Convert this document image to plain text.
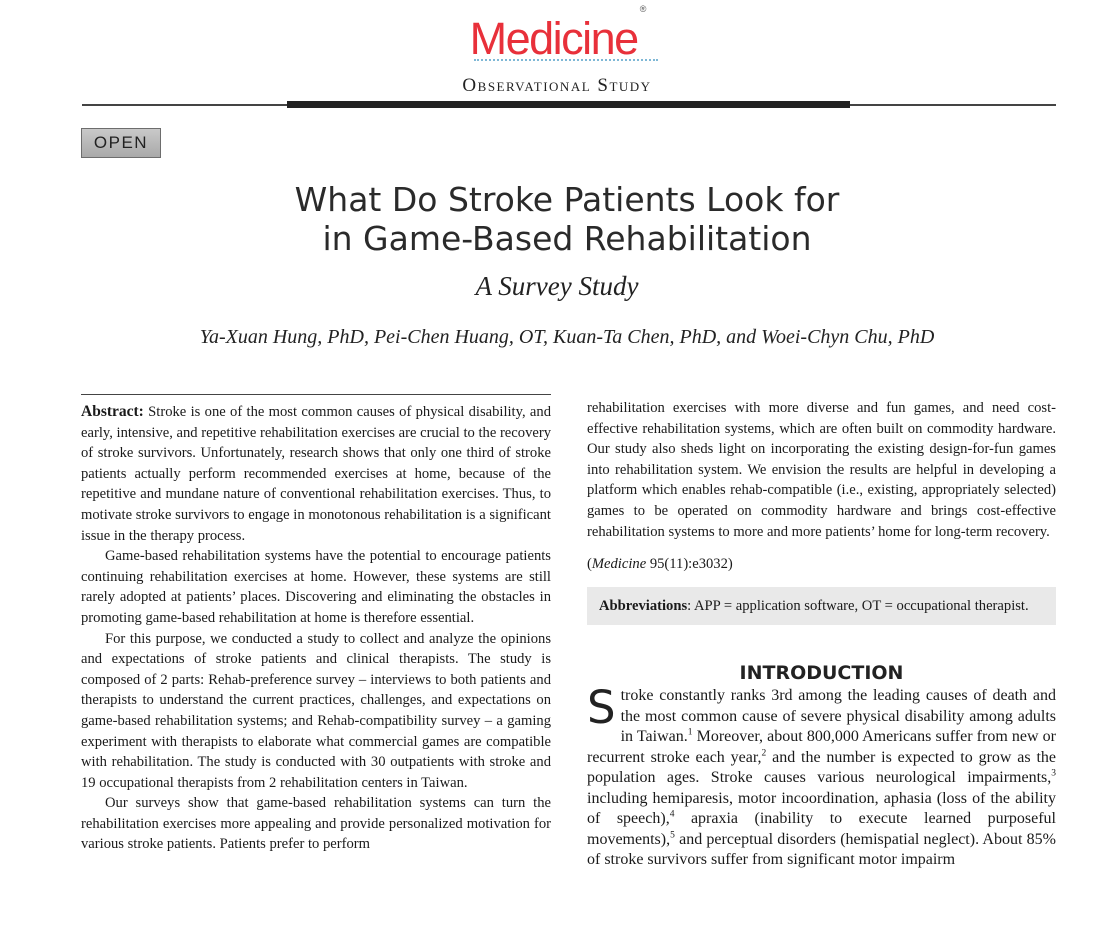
Medicine®
Observational Study
OPEN
What Do Stroke Patients Look for
in Game-Based Rehabilitation
A Survey Study
Ya-Xuan Hung, PhD, Pei-Chen Huang, OT, Kuan-Ta Chen, PhD, and Woei-Chyn Chu, PhD

Abstract: Stroke is one of the most common causes of physical disability, and early, intensive, and repetitive rehabilitation exercises are crucial to the recovery of stroke survivors. Unfortunately, research shows that only one third of stroke patients actually perform recommended exercises at home, because of the repetitive and mundane nature of conventional rehabilitation exercises. Thus, to motivate stroke survivors to engage in monotonous rehabilitation is a significant issue in the therapy process.

Game-based rehabilitation systems have the potential to encourage patients continuing rehabilitation exercises at home. However, these systems are still rarely adopted at patients’ places. Discovering and eliminating the obstacles in promoting game-based rehabilitation at home is therefore essential.

For this purpose, we conducted a study to collect and analyze the opinions and expectations of stroke patients and clinical therapists. The study is composed of 2 parts: Rehab-preference survey – interviews to both patients and therapists to understand the current practices, challenges, and expectations on game-based rehabilitation systems; and Rehab-compatibility survey – a gaming experiment with therapists to elaborate what commercial games are compatible with rehabilitation. The study is conducted with 30 outpatients with stroke and 19 occupational therapists from 2 rehabilitation centers in Taiwan.

Our surveys show that game-based rehabilitation systems can turn the rehabilitation exercises more appealing and provide personalized motivation for various stroke patients. Patients prefer to perform

rehabilitation exercises with more diverse and fun games, and need cost-effective rehabilitation systems, which are often built on commodity hardware. Our study also sheds light on incorporating the existing design-for-fun games into rehabilitation system. We envision the results are helpful in developing a platform which enables rehab-compatible (i.e., existing, appropriately selected) games to be operated on commodity hardware and brings cost-effective rehabilitation systems to more and more patients’ home for long-term recovery.

(Medicine 95(11):e3032)

Abbreviations: APP = application software, OT = occupational therapist.
INTRODUCTION

Stroke constantly ranks 3rd among the leading causes of death and the most common cause of severe physical disability among adults in Taiwan.$^1$ Moreover, about 800,000 Americans suffer from new or recurrent stroke each year,$^2$ and the number is expected to grow as the population ages. Stroke causes various neurological impairments,$^3$ including hemiparesis, motor incoordination, aphasia (loss of the ability of speech),$^4$ apraxia (inability to execute learned purposeful movements),$^5$ and perceptual disorders (hemispatial neglect). About 85% of stroke survivors suffer from significant motor impairm
